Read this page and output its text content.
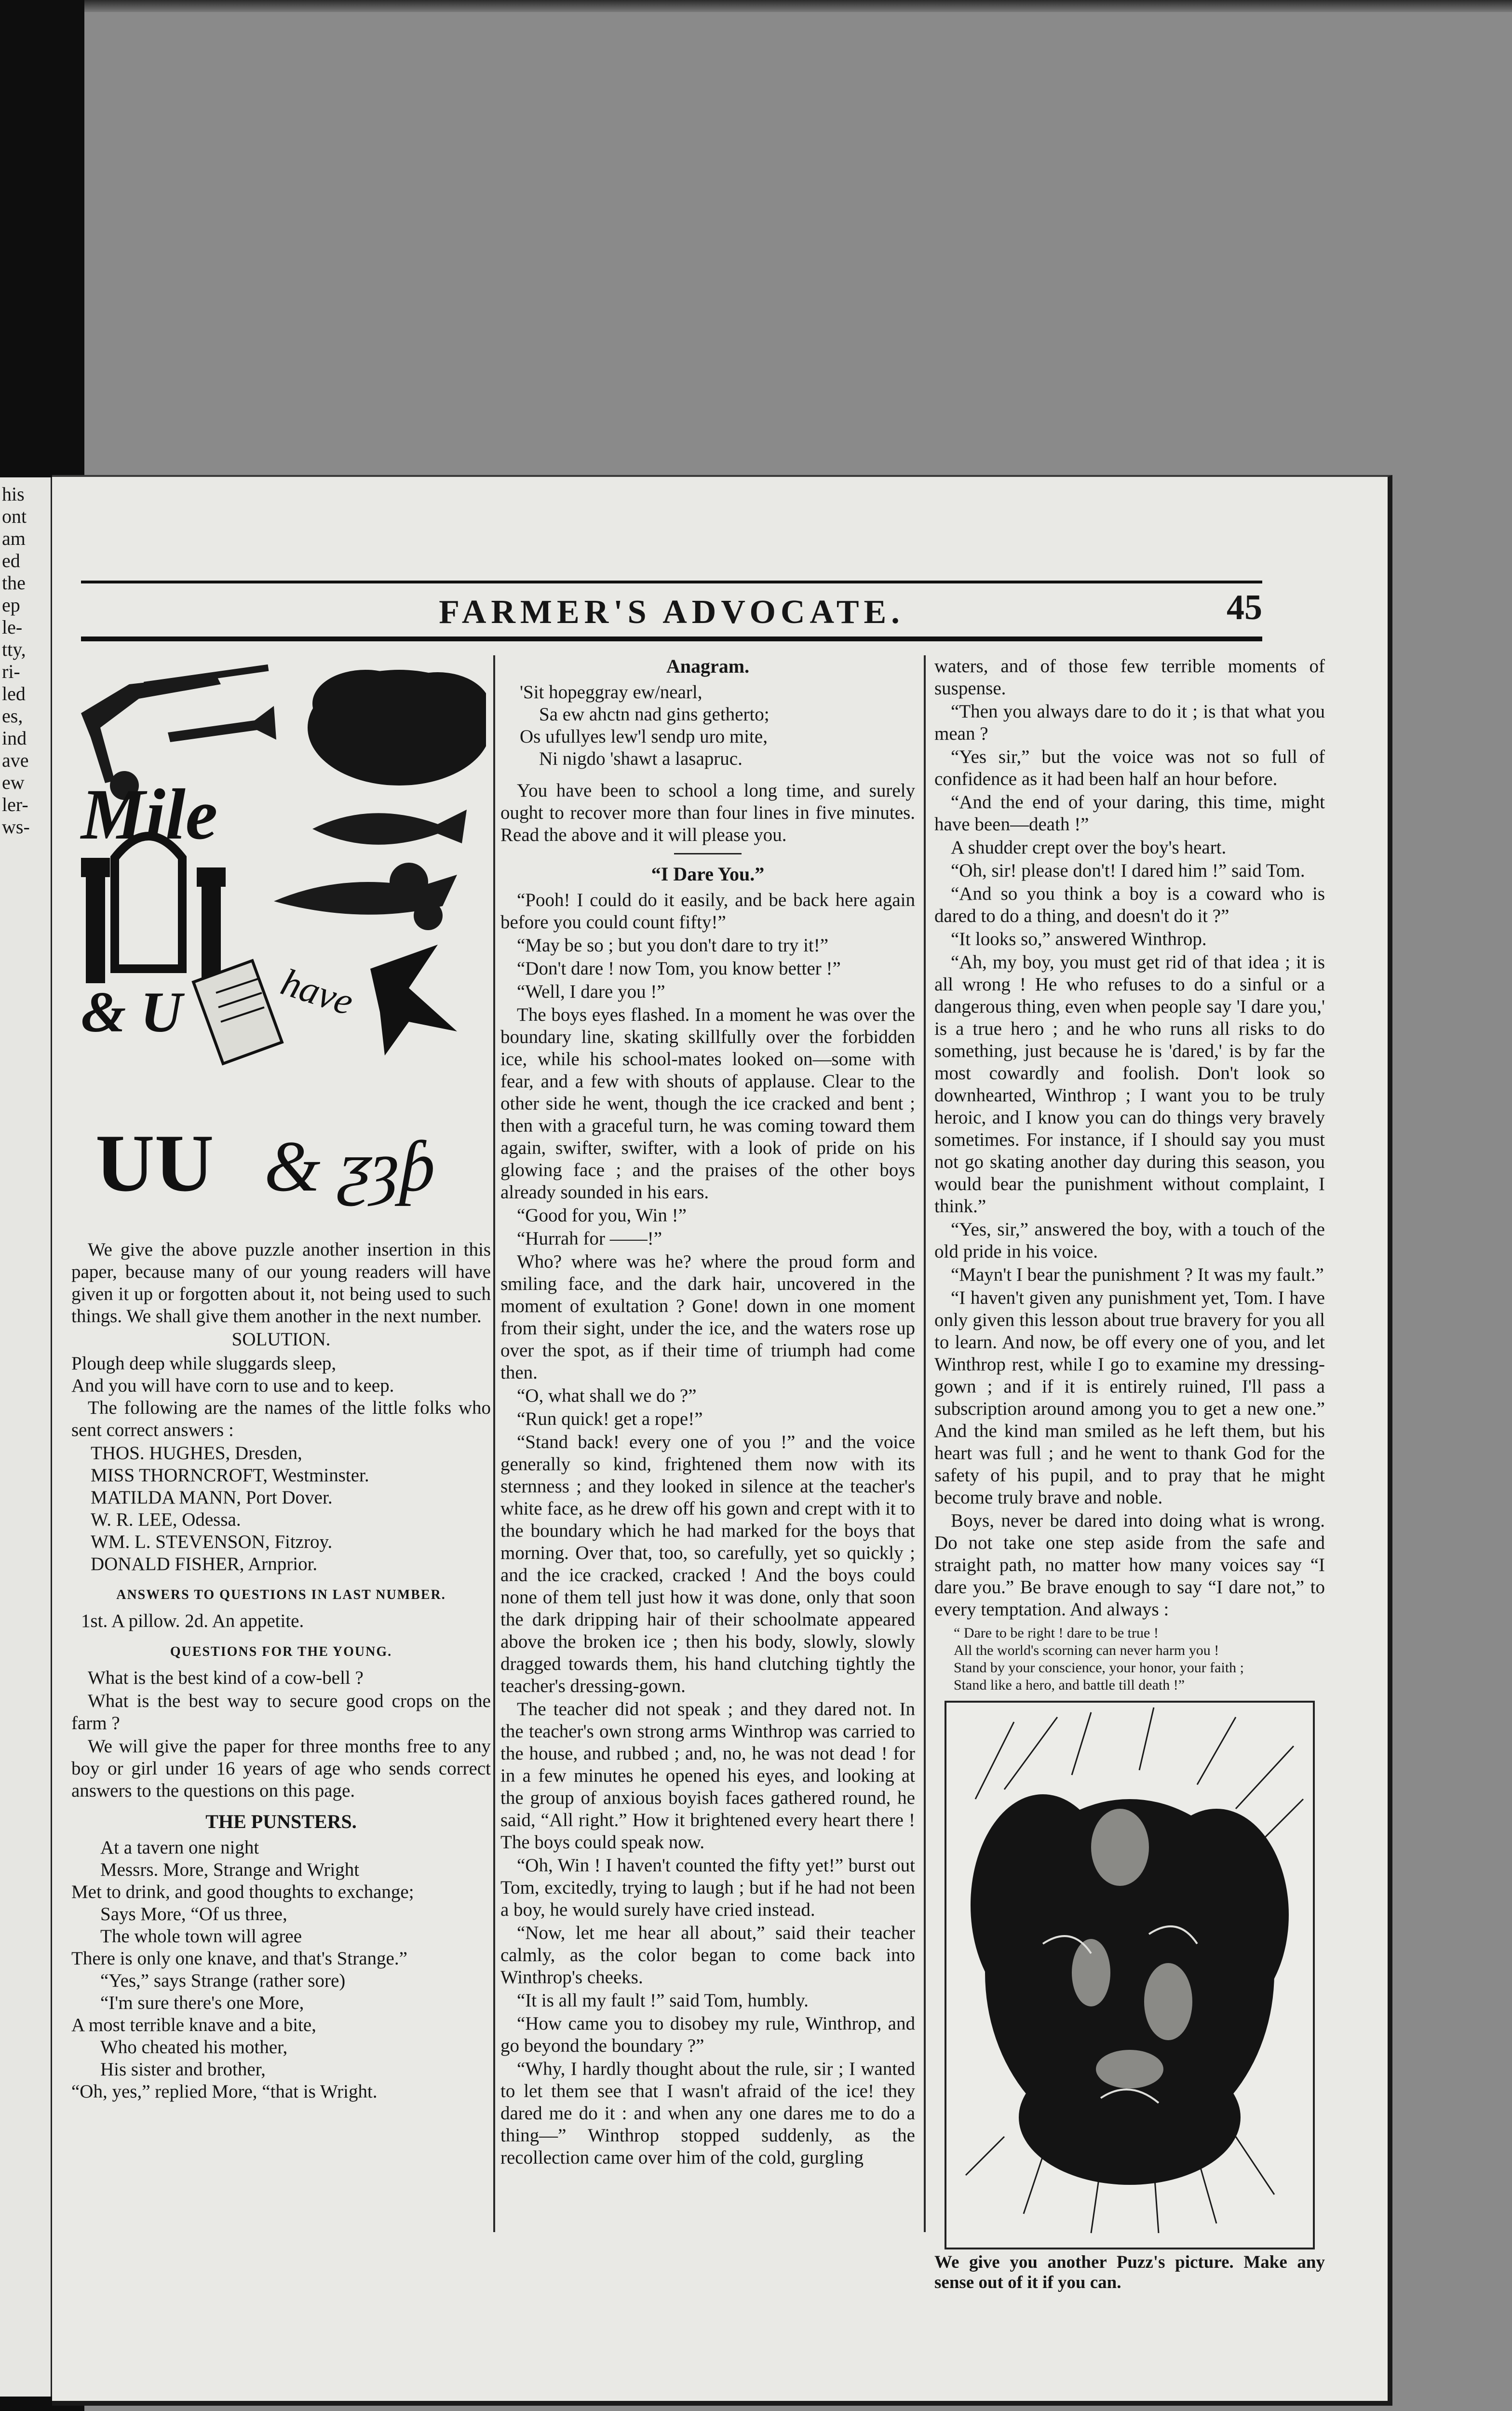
his
ont
am
ed
the
ep
le-
tty,
ri-
led
es,
ind
ave
ew
ler-
ws-
FARMER'S ADVOCATE.	45
Mile
& U have
UU & ƺȝƥ

We give the above puzzle another insertion in this paper, because many of our young readers will have given it up or forgotten about it, not being used to such things. We shall give them another in the next number.

SOLUTION.
Plough deep while sluggards sleep,
And you will have corn to use and to keep.

The following are the names of the little folks who sent correct answers :

THOS. HUGHES, Dresden,
MISS THORNCROFT, Westminster.
MATILDA MANN, Port Dover.
W. R. LEE, Odessa.
WM. L. STEVENSON, Fitzroy.
DONALD FISHER, Arnprior.
ANSWERS TO QUESTIONS IN LAST NUMBER.
1st. A pillow. 2d. An appetite.
QUESTIONS FOR THE YOUNG.

What is the best kind of a cow-bell ?

What is the best way to secure good crops on the farm ?

We will give the paper for three months free to any boy or girl under 16 years of age who sends correct answers to the questions on this page.

THE PUNSTERS.
At a tavern one night
Messrs. More, Strange and Wright
Met to drink, and good thoughts to exchange;
Says More, “Of us three,
The whole town will agree
There is only one knave, and that's Strange.”
“Yes,” says Strange (rather sore)
“I'm sure there's one More,
A most terrible knave and a bite,
Who cheated his mother,
His sister and brother,
“Oh, yes,” replied More, “that is Wright.
Anagram.
'Sit hopeggray ew/nearl,
Sa ew ahctn nad gins gethertо;
Os ufullyes lew'l sendp uro mite,
Ni nigdo 'shawt a lasapruc.

You have been to school a long time, and surely ought to recover more than four lines in five minutes. Read the above and it will please you.

“I Dare You.”

“Pooh! I could do it easily, and be back here again before you could count fifty!”

“May be so ; but you don't dare to try it!”

“Don't dare ! now Tom, you know better !”

“Well, I dare you !”

The boys eyes flashed. In a moment he was over the boundary line, skating skillfully over the forbidden ice, while his school-mates looked on—some with fear, and a few with shouts of applause. Clear to the other side he went, though the ice cracked and bent ; then with a graceful turn, he was coming toward them again, swifter, swifter, with a look of pride on his glowing face ; and the praises of the other boys already sounded in his ears.

“Good for you, Win !”

“Hurrah for ——!”

Who? where was he? where the proud form and smiling face, and the dark hair, uncovered in the moment of exultation ? Gone! down in one moment from their sight, under the ice, and the waters rose up over the spot, as if their time of triumph had come then.

“O, what shall we do ?”

“Run quick! get a rope!”

“Stand back! every one of you !” and the voice generally so kind, frightened them now with its sternness ; and they looked in silence at the teacher's white face, as he drew off his gown and crept with it to the boundary which he had marked for the boys that morning. Over that, too, so carefully, yet so quickly ; and the ice cracked, cracked ! And the boys could none of them tell just how it was done, only that soon the dark dripping hair of their schoolmate appeared above the broken ice ; then his body, slowly, slowly dragged towards them, his hand clutching tightly the teacher's dressing-gown.

The teacher did not speak ; and they dared not. In the teacher's own strong arms Winthrop was carried to the house, and rubbed ; and, no, he was not dead ! for in a few minutes he opened his eyes, and looking at the group of anxious boyish faces gathered round, he said, “All right.” How it brightened every heart there ! The boys could speak now.

“Oh, Win ! I haven't counted the fifty yet!” burst out Tom, excitedly, trying to laugh ; but if he had not been a boy, he would surely have cried instead.

“Now, let me hear all about,” said their teacher calmly, as the color began to come back into Winthrop's cheeks.

“It is all my fault !” said Tom, humbly.

“How came you to disobey my rule, Winthrop, and go beyond the boundary ?”

“Why, I hardly thought about the rule, sir ; I wanted to let them see that I wasn't afraid of the ice! they dared me do it : and when any one dares me to do a thing—” Winthrop stopped suddenly, as the recollection came over him of the cold, gurgling

waters, and of those few terrible moments of suspense.

“Then you always dare to do it ; is that what you mean ?

“Yes sir,” but the voice was not so full of confidence as it had been half an hour before.

“And the end of your daring, this time, might have been—death !”

A shudder crept over the boy's heart.

“Oh, sir! please don't! I dared him !” said Tom.

“And so you think a boy is a coward who is dared to do a thing, and doesn't do it ?”

“It looks so,” answered Winthrop.

“Ah, my boy, you must get rid of that idea ; it is all wrong ! He who refuses to do a sinful or a dangerous thing, even when people say 'I dare you,' is a true hero ; and he who runs all risks to do something, just because he is 'dared,' is by far the most cowardly and foolish. Don't look so downhearted, Winthrop ; I want you to be truly heroic, and I know you can do things very bravely sometimes. For instance, if I should say you must not go skating another day during this season, you would bear the punishment without complaint, I think.”

“Yes, sir,” answered the boy, with a touch of the old pride in his voice.

“Mayn't I bear the punishment ? It was my fault.”

“I haven't given any punishment yet, Tom. I have only given this lesson about true bravery for you all to learn. And now, be off every one of you, and let Winthrop rest, while I go to examine my dressing-gown ; and if it is entirely ruined, I'll pass a subscription around among you to get a new one.” And the kind man smiled as he left them, but his heart was full ; and he went to thank God for the safety of his pupil, and to pray that he might become truly brave and noble.

Boys, never be dared into doing what is wrong. Do not take one step aside from the safe and straight path, no matter how many voices say “I dare you.” Be brave enough to say “I dare not,” to every temptation. And always :

“ Dare to be right ! dare to be true !
All the world's scorning can never harm you !
Stand by your conscience, your honor, your faith ;
Stand like a hero, and battle till death !”
We give you another Puzz's picture. Make any sense out of it if you can.
